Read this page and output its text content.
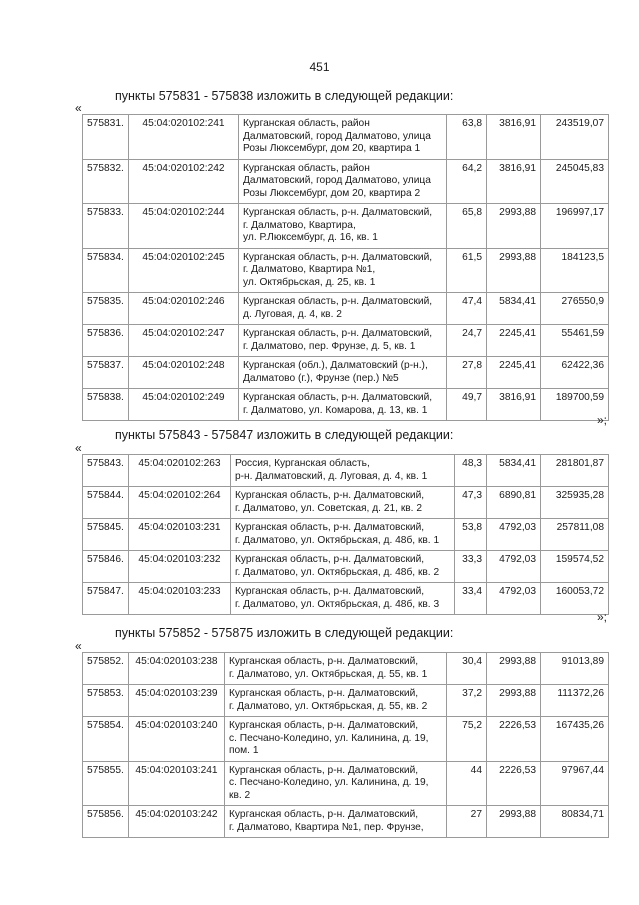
451
пункты 575831 - 575838 изложить в следующей редакции:
«
575831.	45:04:020102:241	Курганская область, район
Далматовский, город Далматово, улица
Розы Люксембург, дом 20, квартира 1	63,8	3816,91	243519,07
575832.	45:04:020102:242	Курганская область, район
Далматовский, город Далматово, улица
Розы Люксембург, дом 20, квартира 2	64,2	3816,91	245045,83
575833.	45:04:020102:244	Курганская область, р-н. Далматовский,
г. Далматово, Квартира,
ул. Р.Люксембург, д. 16, кв. 1	65,8	2993,88	196997,17
575834.	45:04:020102:245	Курганская область, р-н. Далматовский,
г. Далматово, Квартира №1,
ул. Октябрьская, д. 25, кв. 1	61,5	2993,88	184123,5
575835.	45:04:020102:246	Курганская область, р-н. Далматовский,
д. Луговая, д. 4, кв. 2	47,4	5834,41	276550,9
575836.	45:04:020102:247	Курганская область, р-н. Далматовский,
г. Далматово, пер. Фрунзе, д. 5, кв. 1	24,7	2245,41	55461,59
575837.	45:04:020102:248	Курганская (обл.), Далматовский (р-н.),
Далматово (г.), Фрунзе (пер.) №5	27,8	2245,41	62422,36
575838.	45:04:020102:249	Курганская область, р-н. Далматовский,
г. Далматово, ул. Комарова, д. 13, кв. 1	49,7	3816,91	189700,59
»;
пункты 575843 - 575847 изложить в следующей редакции:
«
575843.	45:04:020102:263	Россия, Курганская область,
р-н. Далматовский, д. Луговая, д. 4, кв. 1	48,3	5834,41	281801,87
575844.	45:04:020102:264	Курганская область, р-н. Далматовский,
г. Далматово, ул. Советская, д. 21, кв. 2	47,3	6890,81	325935,28
575845.	45:04:020103:231	Курганская область, р-н. Далматовский,
г. Далматово, ул. Октябрьская, д. 48б, кв. 1	53,8	4792,03	257811,08
575846.	45:04:020103:232	Курганская область, р-н. Далматовский,
г. Далматово, ул. Октябрьская, д. 48б, кв. 2	33,3	4792,03	159574,52
575847.	45:04:020103:233	Курганская область, р-н. Далматовский,
г. Далматово, ул. Октябрьская, д. 48б, кв. 3	33,4	4792,03	160053,72
»;
пункты 575852 - 575875 изложить в следующей редакции:
«
575852.	45:04:020103:238	Курганская область, р-н. Далматовский,
г. Далматово, ул. Октябрьская, д. 55, кв. 1	30,4	2993,88	91013,89
575853.	45:04:020103:239	Курганская область, р-н. Далматовский,
г. Далматово, ул. Октябрьская, д. 55, кв. 2	37,2	2993,88	111372,26
575854.	45:04:020103:240	Курганская область, р-н. Далматовский,
с. Песчано-Коледино, ул. Калинина, д. 19,
пом. 1	75,2	2226,53	167435,26
575855.	45:04:020103:241	Курганская область, р-н. Далматовский,
с. Песчано-Коледино, ул. Калинина, д. 19,
кв. 2	44	2226,53	97967,44
575856.	45:04:020103:242	Курганская область, р-н. Далматовский,
г. Далматово, Квартира №1, пер. Фрунзе,	27	2993,88	80834,71
